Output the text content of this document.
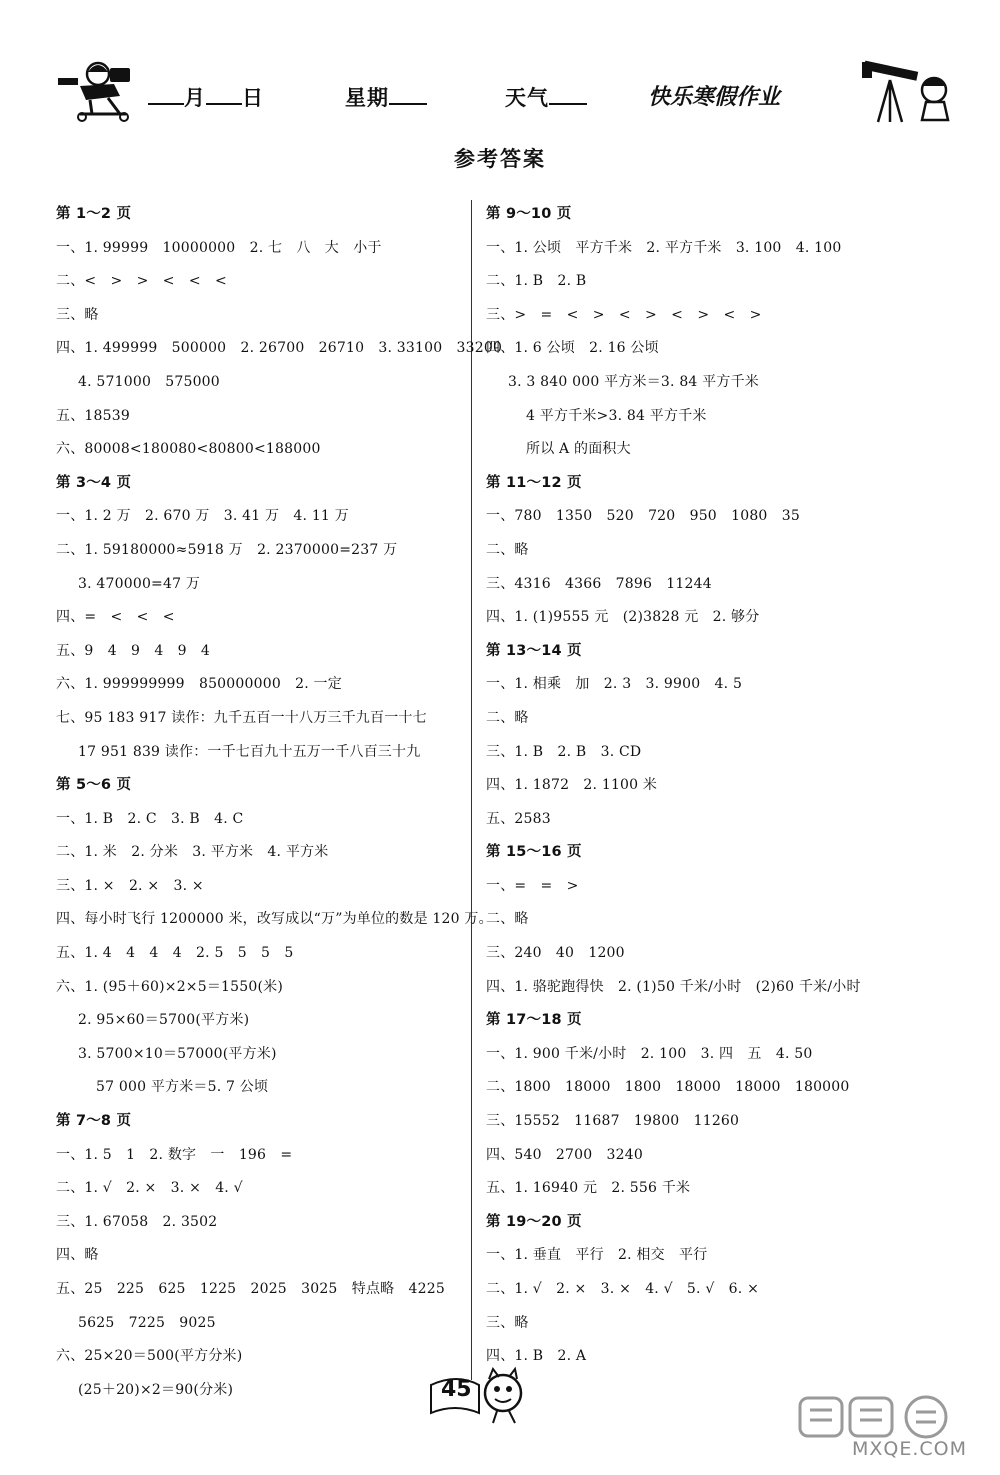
月 日	星期	天气	快乐寒假作业
参考答案
第 1～2 页
一、1. 99999　10000000　2. 七　八　大　小于
二、<　>　>　<　<　<
三、略
四、1. 499999　500000　2. 26700　26710　3. 33100　33200
4. 571000　575000
五、18539
六、80008<180080<80800<188000
第 3～4 页
一、1. 2 万　2. 670 万　3. 41 万　4. 11 万
二、1. 59180000≈5918 万　2. 2370000=237 万
3. 470000=47 万
四、=　<　<　<
五、9　4　9　4　9　4
六、1. 999999999　850000000　2. 一定
七、95 183 917 读作：九千五百一十八万三千九百一十七
17 951 839 读作：一千七百九十五万一千八百三十九
第 5～6 页
一、1. B　2. C　3. B　4. C
二、1. 米　2. 分米　3. 平方米　4. 平方米
三、1. ×　2. ×　3. ×
四、每小时飞行 1200000 米，改写成以“万”为单位的数是 120 万。
五、1. 4　4　4　4　2. 5　5　5　5
六、1. (95＋60)×2×5＝1550(米)
2. 95×60＝5700(平方米)
3. 5700×10＝57000(平方米)
57 000 平方米＝5. 7 公顷
第 7～8 页
一、1. 5　1　2. 数字　一　196　=
二、1. √　2. ×　3. ×　4. √
三、1. 67058　2. 3502
四、略
五、25　225　625　1225　2025　3025　特点略　4225
5625　7225　9025
六、25×20＝500(平方分米)
(25＋20)×2＝90(分米)
第 9～10 页
一、1. 公顷　平方千米　2. 平方千米　3. 100　4. 100
二、1. B　2. B
三、>　=　<　>　<　>　<　>　<　>
四、1. 6 公顷　2. 16 公顷
3. 3 840 000 平方米＝3. 84 平方千米
4 平方千米>3. 84 平方千米
所以 A 的面积大
第 11～12 页
一、780　1350　520　720　950　1080　35
二、略
三、4316　4366　7896　11244
四、1. (1)9555 元　(2)3828 元　2. 够分
第 13～14 页
一、1. 相乘　加　2. 3　3. 9900　4. 5
二、略
三、1. B　2. B　3. CD
四、1. 1872　2. 1100 米
五、2583
第 15～16 页
一、=　=　>
二、略
三、240　40　1200
四、1. 骆驼跑得快　2. (1)50 千米/小时　(2)60 千米/小时
第 17～18 页
一、1. 900 千米/小时　2. 100　3. 四　五　4. 50
二、1800　18000　1800　18000　18000　180000
三、15552　11687　19800　11260
四、540　2700　3240
五、1. 16940 元　2. 556 千米
第 19～20 页
一、1. 垂直　平行　2. 相交　平行
二、1. √　2. ×　3. ×　4. √　5. √　6. ×
三、略
四、1. B　2. A
45
MXQE.COM
